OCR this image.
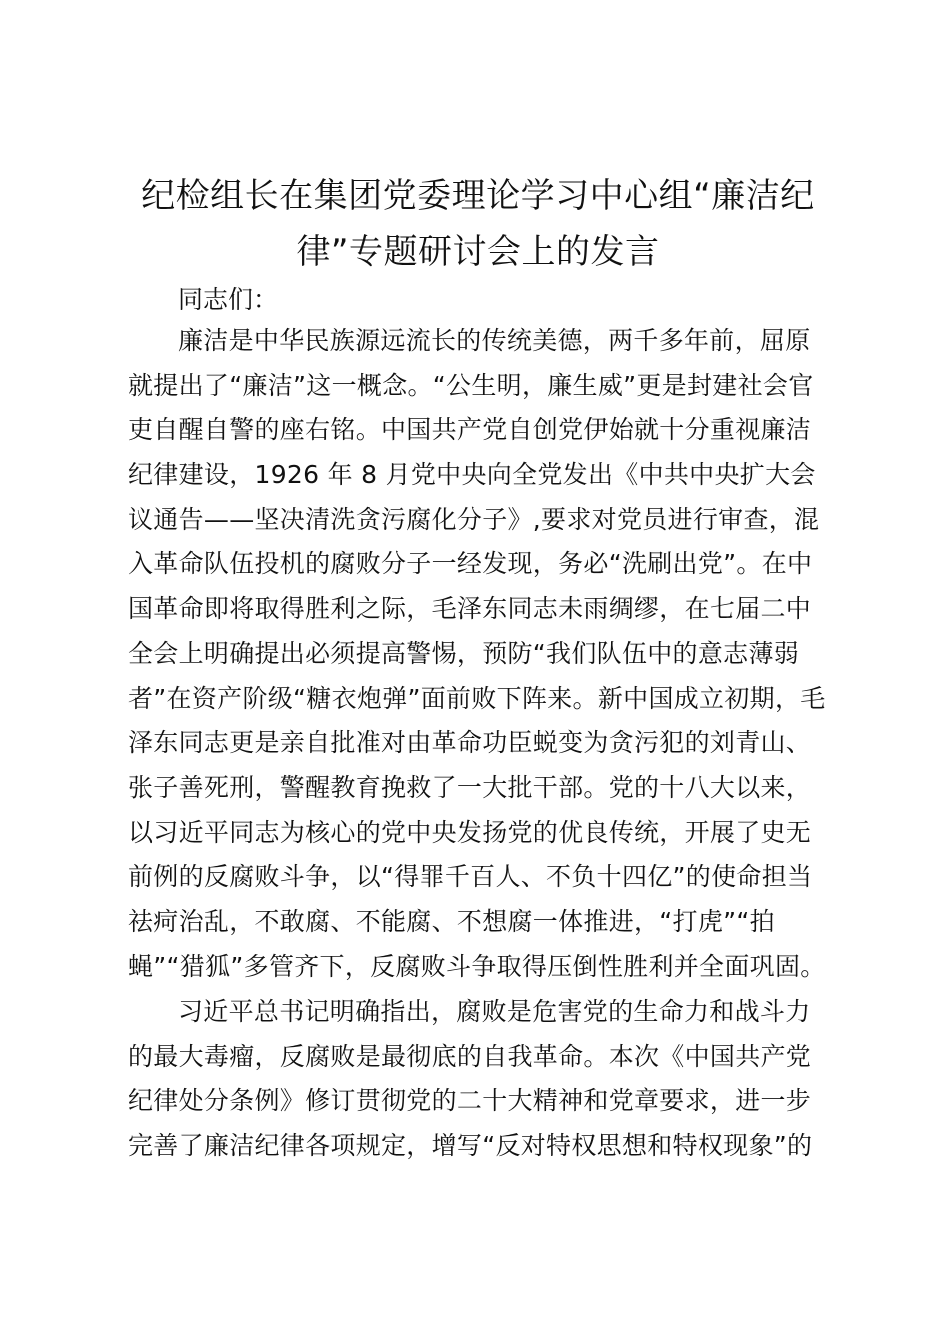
纪检组长在集团党委理论学习中心组“廉洁纪
律”专题研讨会上的发言
同志们：
廉洁是中华民族源远流长的传统美德，两千多年前，屈原
就提出了“廉洁”这一概念。“公生明，廉生威”更是封建社会官
吏自醒自警的座右铭。中国共产党自创党伊始就十分重视廉洁
纪律建设，1926 年 8 月党中央向全党发出《中共中央扩大会
议通告——坚决清洗贪污腐化分子》,要求对党员进行审查，混
入革命队伍投机的腐败分子一经发现，务必“洗刷出党”。在中
国革命即将取得胜利之际，毛泽东同志未雨绸缪，在七届二中
全会上明确提出必须提高警惕，预防“我们队伍中的意志薄弱
者”在资产阶级“糖衣炮弹”面前败下阵来。新中国成立初期，毛
泽东同志更是亲自批准对由革命功臣蜕变为贪污犯的刘青山、
张子善死刑，警醒教育挽救了一大批干部。党的十八大以来，
以习近平同志为核心的党中央发扬党的优良传统，开展了史无
前例的反腐败斗争，以“得罪千百人、不负十四亿”的使命担当
祛疴治乱，不敢腐、不能腐、不想腐一体推进，“打虎”“拍
蝇”“猎狐”多管齐下，反腐败斗争取得压倒性胜利并全面巩固。
习近平总书记明确指出，腐败是危害党的生命力和战斗力
的最大毒瘤，反腐败是最彻底的自我革命。本次《中国共产党
纪律处分条例》修订贯彻党的二十大精神和党章要求，进一步
完善了廉洁纪律各项规定，增写“反对特权思想和特权现象”的
